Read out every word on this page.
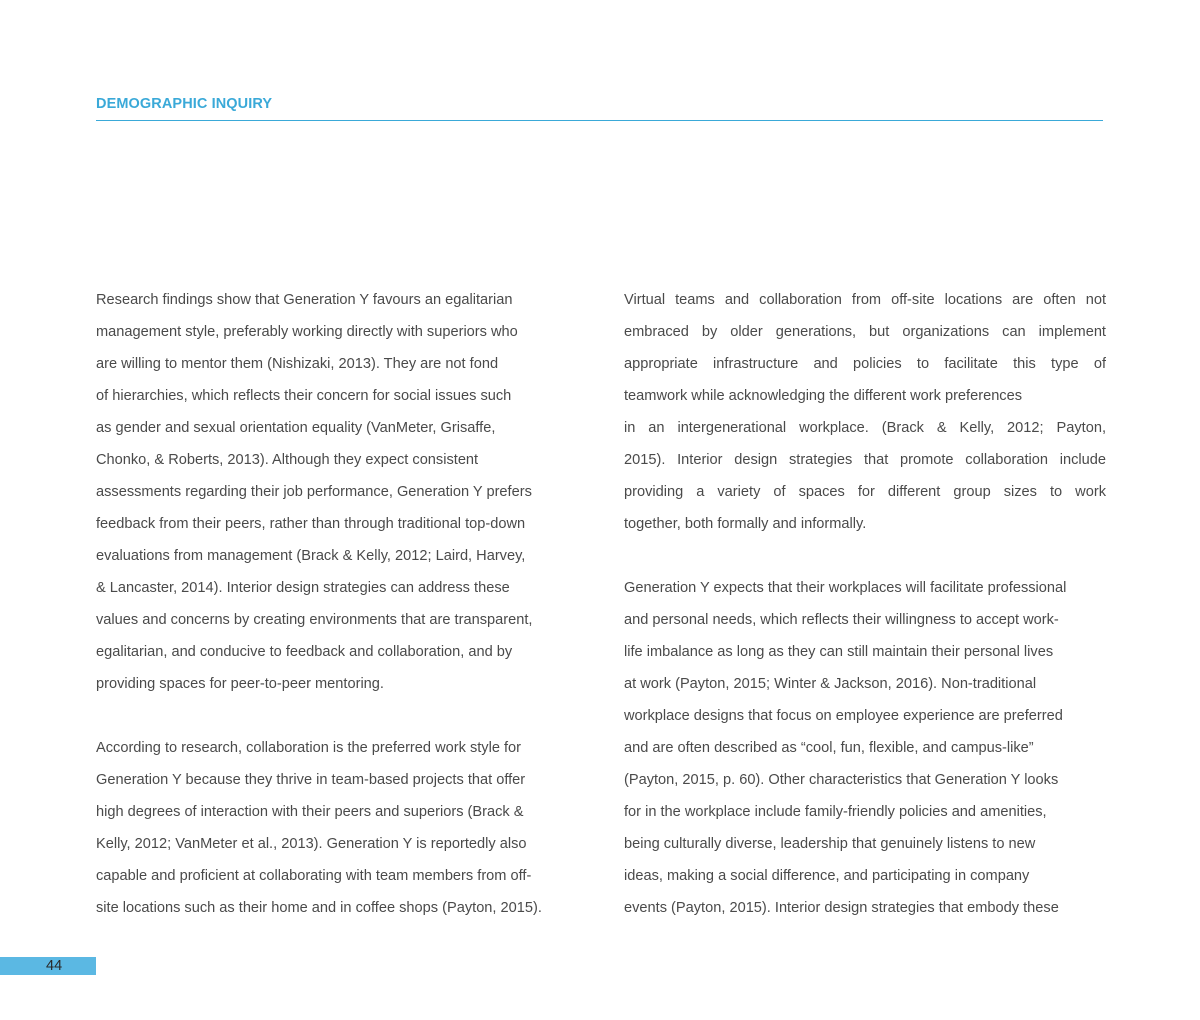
DEMOGRAPHIC INQUIRY
Research findings show that Generation Y favours an egalitarian
management style, preferably working directly with superiors who
are willing to mentor them (Nishizaki, 2013). They are not fond
of hierarchies, which reflects their concern for social issues such
as gender and sexual orientation equality (VanMeter, Grisaffe,
Chonko, & Roberts, 2013). Although they expect consistent
assessments regarding their job performance, Generation Y prefers
feedback from their peers, rather than through traditional top-down
evaluations from management (Brack & Kelly, 2012; Laird, Harvey,
& Lancaster, 2014). Interior design strategies can address these
values and concerns by creating environments that are transparent,
egalitarian, and conducive to feedback and collaboration, and by
providing spaces for peer-to-peer mentoring.
According to research, collaboration is the preferred work style for
Generation Y because they thrive in team-based projects that offer
high degrees of interaction with their peers and superiors (Brack &
Kelly, 2012; VanMeter et al., 2013). Generation Y is reportedly also
capable and proficient at collaborating with team members from off-
site locations such as their home and in coffee shops (Payton, 2015).
Virtual teams and collaboration from off-site locations are often not
embraced by older generations, but organizations can implement
appropriate infrastructure and policies to facilitate this type of
teamwork while acknowledging the different work preferences
in an intergenerational workplace. (Brack & Kelly, 2012; Payton,
2015). Interior design strategies that promote collaboration include
providing a variety of spaces for different group sizes to work
together, both formally and informally.
Generation Y expects that their workplaces will facilitate professional
and personal needs, which reflects their willingness to accept work-
life imbalance as long as they can still maintain their personal lives
at work (Payton, 2015; Winter & Jackson, 2016). Non-traditional
workplace designs that focus on employee experience are preferred
and are often described as “cool, fun, flexible, and campus-like”
(Payton, 2015, p. 60). Other characteristics that Generation Y looks
for in the workplace include family-friendly policies and amenities,
being culturally diverse, leadership that genuinely listens to new
ideas, making a social difference, and participating in company
events (Payton, 2015). Interior design strategies that embody these
44
